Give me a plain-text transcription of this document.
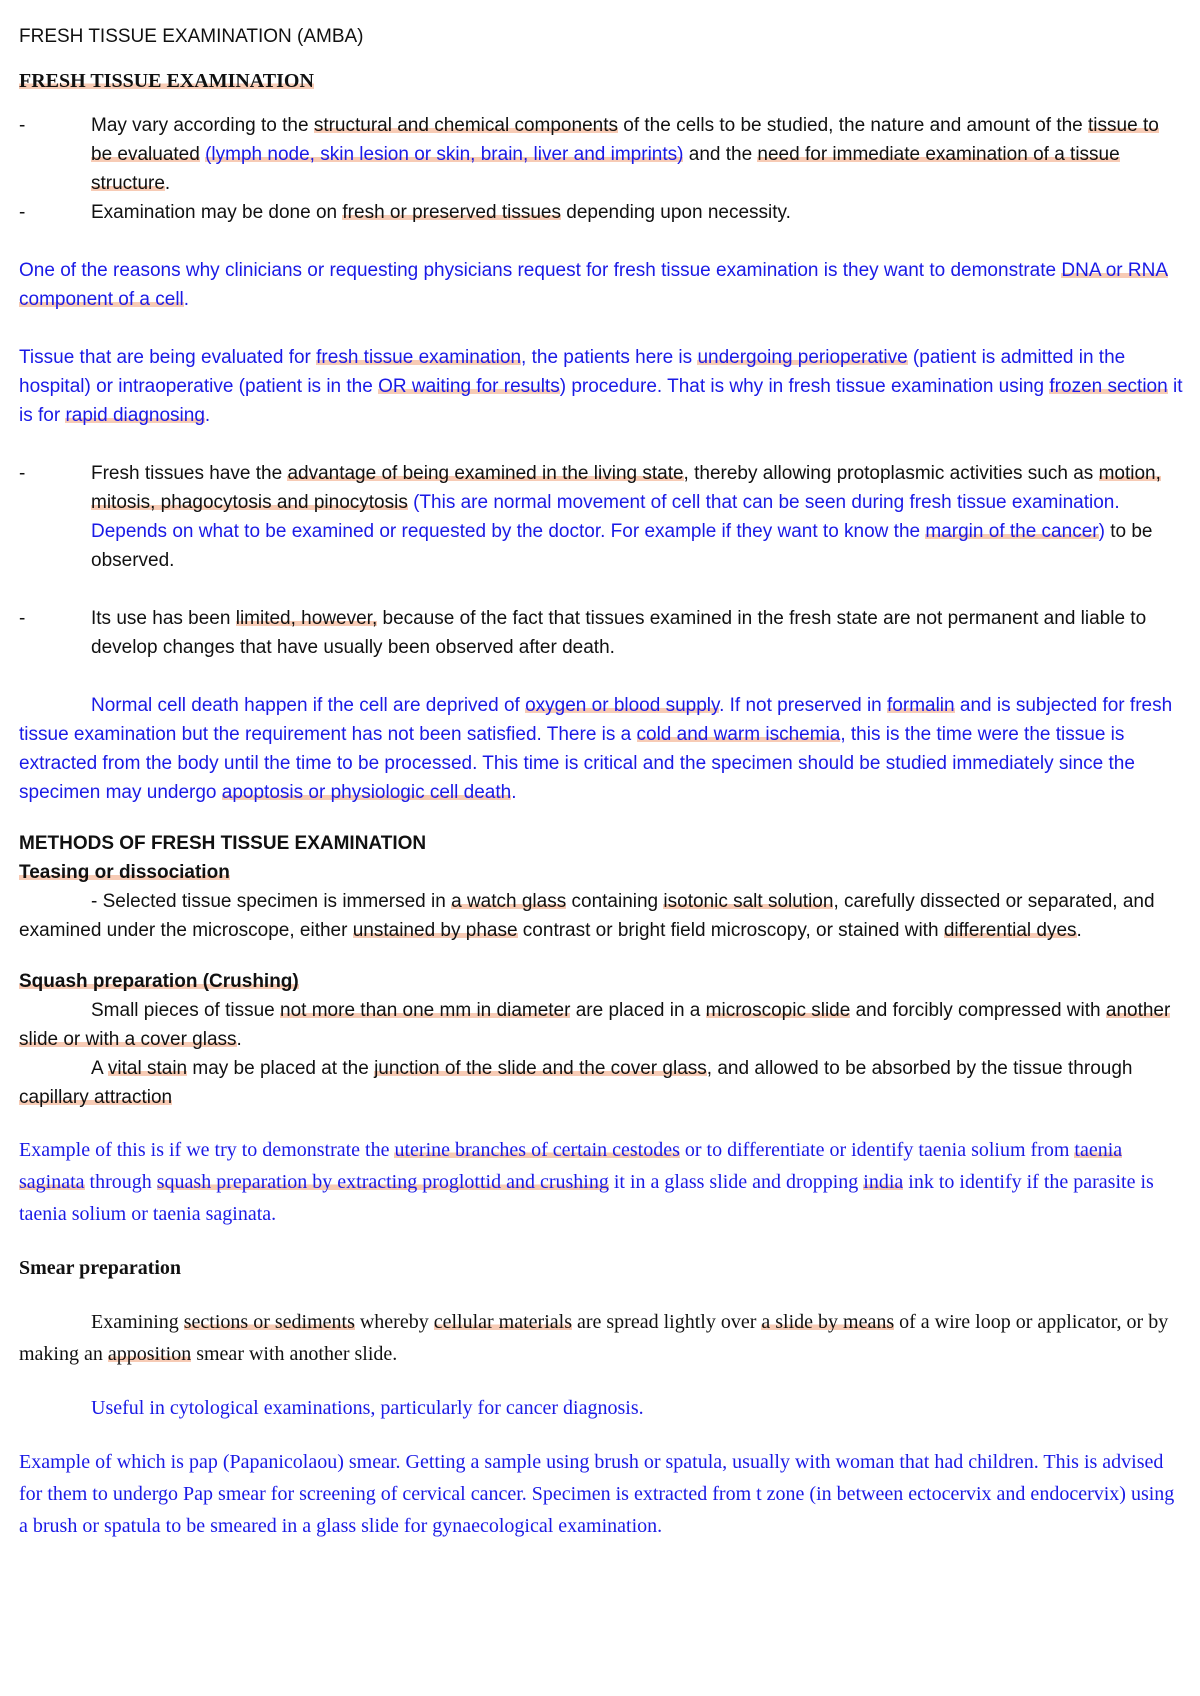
FRESH TISSUE EXAMINATION (AMBA)

FRESH TISSUE EXAMINATION

-	May vary according to the structural and chemical components of the cells to be studied, the nature and amount of the tissue to be evaluated (lymph node, skin lesion or skin, brain, liver and imprints) and the need for immediate examination of a tissue structure.
-	Examination may be done on fresh or preserved tissues depending upon necessity.

One of the reasons why clinicians or requesting physicians request for fresh tissue examination is they want to demonstrate DNA or RNA component of a cell.

Tissue that are being evaluated for fresh tissue examination, the patients here is undergoing perioperative (patient is admitted in the hospital) or intraoperative (patient is in the OR waiting for results) procedure. That is why in fresh tissue examination using frozen section it is for rapid diagnosing.

-	Fresh tissues have the advantage of being examined in the living state, thereby allowing protoplasmic activities such as motion, mitosis, phagocytosis and pinocytosis (This are normal movement of cell that can be seen during fresh tissue examination. Depends on what to be examined or requested by the doctor. For example if they want to know the margin of the cancer) to be observed.
-	Its use has been limited, however, because of the fact that tissues examined in the fresh state are not permanent and liable to develop changes that have usually been observed after death.

Normal cell death happen if the cell are deprived of oxygen or blood supply. If not preserved in formalin and is subjected for fresh tissue examination but the requirement has not been satisfied. There is a cold and warm ischemia, this is the time were the tissue is extracted from the body until the time to be processed. This time is critical and the specimen should be studied immediately since the specimen may undergo apoptosis or physiologic cell death.

METHODS OF FRESH TISSUE EXAMINATION

Teasing or dissociation

- Selected tissue specimen is immersed in a watch glass containing isotonic salt solution, carefully dissected or separated, and examined under the microscope, either unstained by phase contrast or bright field microscopy, or stained with differential dyes.

Squash preparation (Crushing)

Small pieces of tissue not more than one mm in diameter are placed in a microscopic slide and forcibly compressed with another slide or with a cover glass.

A vital stain may be placed at the junction of the slide and the cover glass, and allowed to be absorbed by the tissue through capillary attraction

Example of this is if we try to demonstrate the uterine branches of certain cestodes or to differentiate or identify taenia solium from taenia saginata through squash preparation by extracting proglottid and crushing it in a glass slide and dropping india ink to identify if the parasite is taenia solium or taenia saginata.

Smear preparation

Examining sections or sediments whereby cellular materials are spread lightly over a slide by means of a wire loop or applicator, or by making an apposition smear with another slide.

Useful in cytological examinations, particularly for cancer diagnosis.

Example of which is pap (Papanicolaou) smear. Getting a sample using brush or spatula, usually with woman that had children. This is advised for them to undergo Pap smear for screening of cervical cancer. Specimen is extracted from t zone (in between ectocervix and endocervix) using a brush or spatula to be smeared in a glass slide for gynaecological examination.
